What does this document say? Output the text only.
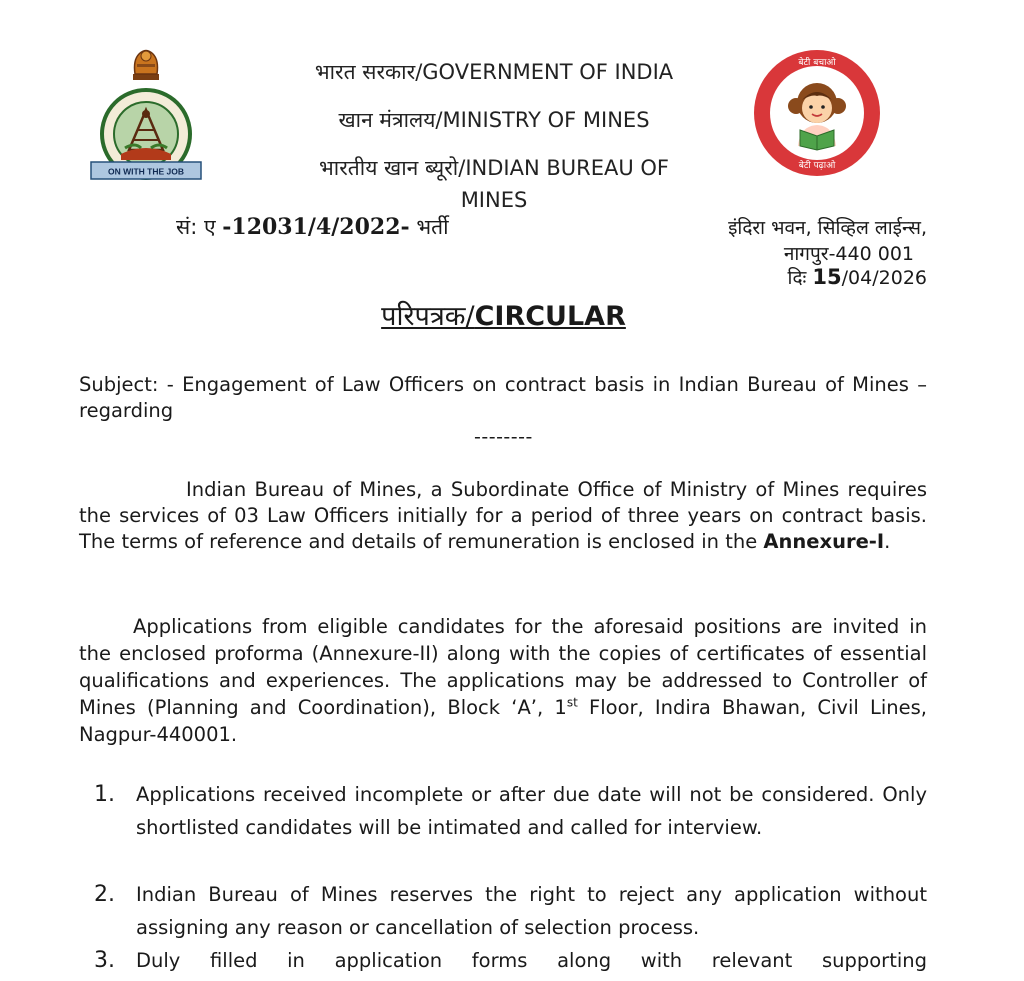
ON WITH THE JOB
बेटी बचाओ
बेटी पढ़ाओ
भारत सरकार/GOVERNMENT OF INDIA
खान मंत्रालय/MINISTRY OF MINES
भारतीय खान ब्यूरो/INDIAN BUREAU OF
MINES
सं: ए -12031/4/2022- भर्ती	इंदिरा भवन, सिव्हिल लाईन्स,
नागपुर-440 001
दिः 15/04/2026
परिपत्रक/CIRCULAR
Subject: - Engagement of Law Officers on contract basis in Indian Bureau of Mines – regarding
--------
Indian Bureau of Mines, a Subordinate Office of Ministry of Mines requires the services of 03 Law Officers initially for a period of three years on contract basis. The terms of reference and details of remuneration is enclosed in the Annexure-I.
Applications from eligible candidates for the aforesaid positions are invited in the enclosed proforma (Annexure-II) along with the copies of certificates of essential qualifications and experiences. The applications may be addressed to Controller of Mines (Planning and Coordination), Block ‘A’, 1st Floor, Indira Bhawan, Civil Lines, Nagpur-440001.
1.	Applications received incomplete or after due date will not be considered. Only shortlisted candidates will be intimated and called for interview.
2.	Indian Bureau of Mines reserves the right to reject any application without assigning any reason or cancellation of selection process.
3.	Duly filled in application forms along with relevant supporting
